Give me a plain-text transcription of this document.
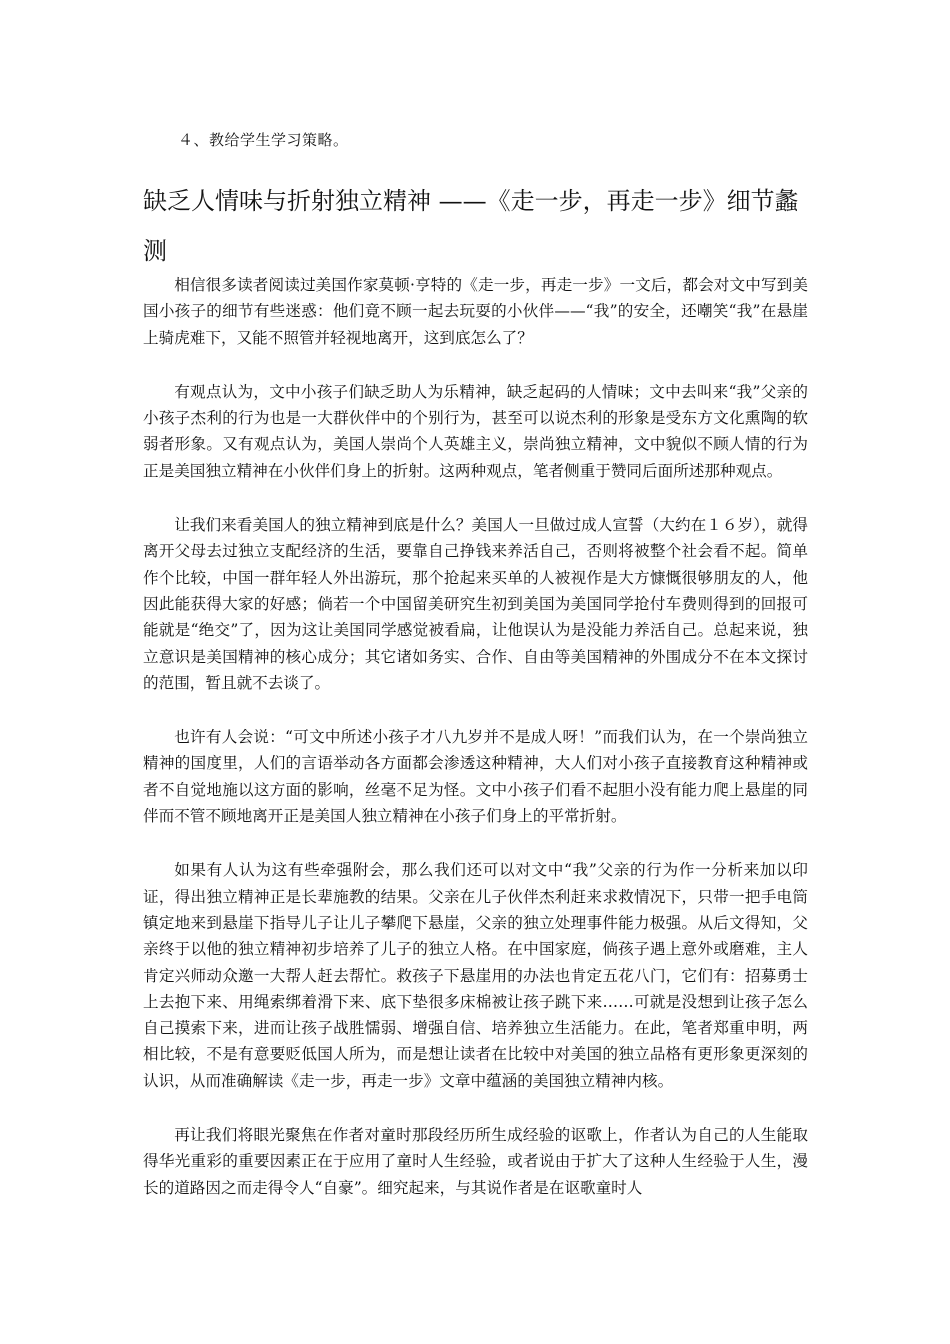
４、教给学生学习策略。
缺乏人情味与折射独立精神 ——《走一步，再走一步》细节蠡测

相信很多读者阅读过美国作家莫顿·亨特的《走一步，再走一步》一文后，都会对文中写到美国小孩子的细节有些迷惑：他们竟不顾一起去玩耍的小伙伴——“我”的安全，还嘲笑“我”在悬崖上骑虎难下，又能不照管并轻视地离开，这到底怎么了？

有观点认为，文中小孩子们缺乏助人为乐精神，缺乏起码的人情味；文中去叫来“我”父亲的小孩子杰利的行为也是一大群伙伴中的个别行为，甚至可以说杰利的形象是受东方文化熏陶的软弱者形象。又有观点认为，美国人崇尚个人英雄主义，崇尚独立精神，文中貌似不顾人情的行为正是美国独立精神在小伙伴们身上的折射。这两种观点，笔者侧重于赞同后面所述那种观点。

让我们来看美国人的独立精神到底是什么？美国人一旦做过成人宣誓（大约在１６岁），就得离开父母去过独立支配经济的生活，要靠自己挣钱来养活自己，否则将被整个社会看不起。简单作个比较，中国一群年轻人外出游玩，那个抢起来买单的人被视作是大方慷慨很够朋友的人，他因此能获得大家的好感；倘若一个中国留美研究生初到美国为美国同学抢付车费则得到的回报可能就是“绝交”了，因为这让美国同学感觉被看扁，让他误认为是没能力养活自己。总起来说，独立意识是美国精神的核心成分；其它诸如务实、合作、自由等美国精神的外围成分不在本文探讨的范围，暂且就不去谈了。

也许有人会说：“可文中所述小孩子才八九岁并不是成人呀！”而我们认为，在一个崇尚独立精神的国度里，人们的言语举动各方面都会渗透这种精神，大人们对小孩子直接教育这种精神或者不自觉地施以这方面的影响，丝毫不足为怪。文中小孩子们看不起胆小没有能力爬上悬崖的同伴而不管不顾地离开正是美国人独立精神在小孩子们身上的平常折射。

如果有人认为这有些牵强附会，那么我们还可以对文中“我”父亲的行为作一分析来加以印证，得出独立精神正是长辈施教的结果。父亲在儿子伙伴杰利赶来求救情况下，只带一把手电筒镇定地来到悬崖下指导儿子让儿子攀爬下悬崖，父亲的独立处理事件能力极强。从后文得知，父亲终于以他的独立精神初步培养了儿子的独立人格。在中国家庭，倘孩子遇上意外或磨难，主人肯定兴师动众邀一大帮人赶去帮忙。救孩子下悬崖用的办法也肯定五花八门，它们有：招募勇士上去抱下来、用绳索绑着滑下来、底下垫很多床棉被让孩子跳下来……可就是没想到让孩子怎么自己摸索下来，进而让孩子战胜懦弱、增强自信、培养独立生活能力。在此，笔者郑重申明，两相比较，不是有意要贬低国人所为，而是想让读者在比较中对美国的独立品格有更形象更深刻的认识，从而准确解读《走一步，再走一步》文章中蕴涵的美国独立精神内核。

再让我们将眼光聚焦在作者对童时那段经历所生成经验的讴歌上，作者认为自己的人生能取得华光重彩的重要因素正在于应用了童时人生经验，或者说由于扩大了这种人生经验于人生，漫长的道路因之而走得令人“自豪”。细究起来，与其说作者是在讴歌童时人
